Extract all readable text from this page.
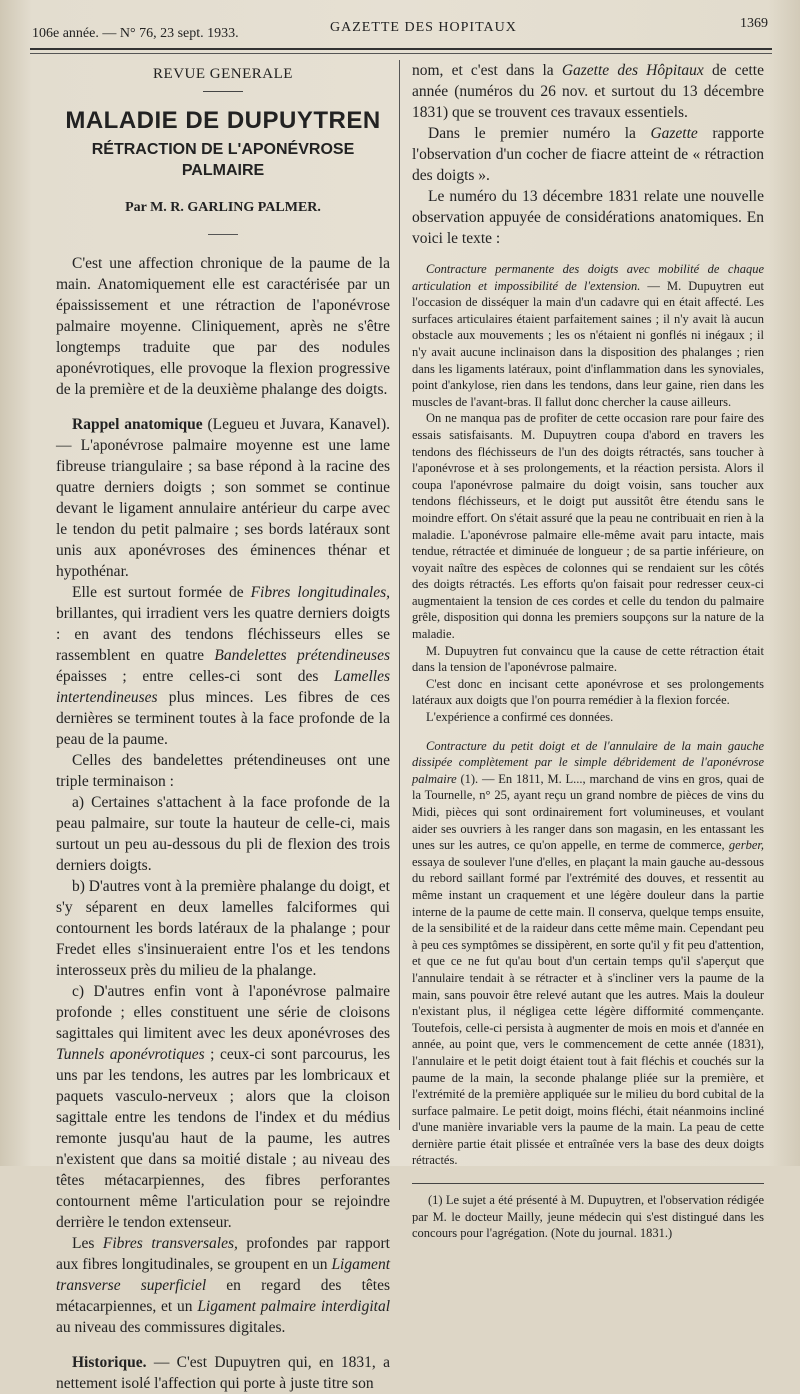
106e année. — N° 76, 23 sept. 1933.	GAZETTE DES HOPITAUX	1369
REVUE GENERALE
MALADIE DE DUPUYTREN
RÉTRACTION DE L'APONÉVROSE PALMAIRE
Par M. R. GARLING PALMER.

C'est une affection chronique de la paume de la main. Anatomiquement elle est caractérisée par un épaississement et une rétraction de l'aponévrose palmaire moyenne. Cliniquement, après ne s'être longtemps traduite que par des nodules aponévrotiques, elle provoque la flexion progressive de la première et de la deuxième phalange des doigts.

Rappel anatomique (Legueu et Juvara, Kanavel). — L'aponévrose palmaire moyenne est une lame fibreuse triangulaire ; sa base répond à la racine des quatre derniers doigts ; son sommet se continue devant le ligament annulaire antérieur du carpe avec le tendon du petit palmaire ; ses bords latéraux sont unis aux aponévroses des éminences thénar et hypothénar.

Elle est surtout formée de Fibres longitudinales, brillantes, qui irradient vers les quatre derniers doigts : en avant des tendons fléchisseurs elles se rassemblent en quatre Bandelettes prétendineuses épaisses ; entre celles-ci sont des Lamelles intertendineuses plus minces. Les fibres de ces dernières se terminent toutes à la face profonde de la peau de la paume.

Celles des bandelettes prétendineuses ont une triple terminaison :

a) Certaines s'attachent à la face profonde de la peau palmaire, sur toute la hauteur de celle-ci, mais surtout un peu au-dessous du pli de flexion des trois derniers doigts.

b) D'autres vont à la première phalange du doigt, et s'y séparent en deux lamelles falciformes qui contournent les bords latéraux de la phalange ; pour Fredet elles s'insinueraient entre l'os et les tendons interosseux près du milieu de la phalange.

c) D'autres enfin vont à l'aponévrose palmaire profonde ; elles constituent une série de cloisons sagittales qui limitent avec les deux aponévroses des Tunnels aponévrotiques ; ceux-ci sont parcourus, les uns par les tendons, les autres par les lombricaux et paquets vasculo-nerveux ; alors que la cloison sagittale entre les tendons de l'index et du médius remonte jusqu'au haut de la paume, les autres n'existent que dans sa moitié distale ; au niveau des têtes métacarpiennes, des fibres perforantes contournent même l'articulation pour se rejoindre derrière le tendon extenseur.

Les Fibres transversales, profondes par rapport aux fibres longitudinales, se groupent en un Ligament transverse superficiel en regard des têtes métacarpiennes, et un Ligament palmaire interdigital au niveau des commissures digitales.

Historique. — C'est Dupuytren qui, en 1831, a nettement isolé l'affection qui porte à juste titre son

nom, et c'est dans la Gazette des Hôpitaux de cette année (numéros du 26 nov. et surtout du 13 décembre 1831) que se trouvent ces travaux essentiels.

Dans le premier numéro la Gazette rapporte l'observation d'un cocher de fiacre atteint de « rétraction des doigts ».

Le numéro du 13 décembre 1831 relate une nouvelle observation appuyée de considérations anatomiques. En voici le texte :

Contracture permanente des doigts avec mobilité de chaque articulation et impossibilité de l'extension. — M. Dupuytren eut l'occasion de disséquer la main d'un cadavre qui en était affecté. Les surfaces articulaires étaient parfaitement saines ; il n'y avait là aucun obstacle aux mouvements ; les os n'étaient ni gonflés ni inégaux ; il n'y avait aucune inclinaison dans la disposition des phalanges ; rien dans les ligaments latéraux, point d'inflammation dans les synoviales, point d'ankylose, rien dans les tendons, dans leur gaine, rien dans les muscles de l'avant-bras. Il fallut donc chercher la cause ailleurs.

On ne manqua pas de profiter de cette occasion rare pour faire des essais satisfaisants. M. Dupuytren coupa d'abord en travers les tendons des fléchisseurs de l'un des doigts rétractés, sans toucher à l'aponévrose et à ses prolongements, et la réaction persista. Alors il coupa l'aponévrose palmaire du doigt voisin, sans toucher aux tendons fléchisseurs, et le doigt put aussitôt être étendu sans le moindre effort. On s'était assuré que la peau ne contribuait en rien à la maladie. L'aponévrose palmaire elle-même avait paru intacte, mais tendue, rétractée et diminuée de longueur ; de sa partie inférieure, on voyait naître des espèces de colonnes qui se rendaient sur les côtés des doigts rétractés. Les efforts qu'on faisait pour redresser ceux-ci augmentaient la tension de ces cordes et celle du tendon du palmaire grêle, disposition qui donna les premiers soupçons sur la nature de la maladie.

M. Dupuytren fut convaincu que la cause de cette rétraction était dans la tension de l'aponévrose palmaire.

C'est donc en incisant cette aponévrose et ses prolongements latéraux aux doigts que l'on pourra remédier à la flexion forcée.

L'expérience a confirmé ces données.

Contracture du petit doigt et de l'annulaire de la main gauche dissipée complètement par le simple débridement de l'aponévrose palmaire (1). — En 1811, M. L..., marchand de vins en gros, quai de la Tournelle, n° 25, ayant reçu un grand nombre de pièces de vins du Midi, pièces qui sont ordinairement fort volumineuses, et voulant aider ses ouvriers à les ranger dans son magasin, en les entassant les unes sur les autres, ce qu'on appelle, en terme de commerce, gerber, essaya de soulever l'une d'elles, en plaçant la main gauche au-dessous du rebord saillant formé par l'extrémité des douves, et ressentit au même instant un craquement et une légère douleur dans la partie interne de la paume de cette main. Il conserva, quelque temps ensuite, de la sensibilité et de la raideur dans cette même main. Cependant peu à peu ces symptômes se dissipèrent, en sorte qu'il y fit peu d'attention, et que ce ne fut qu'au bout d'un certain temps qu'il s'aperçut que l'annulaire tendait à se rétracter et à s'incliner vers la paume de la main, sans pouvoir être relevé autant que les autres. Mais la douleur n'existant plus, il négligea cette légère difformité commençante. Toutefois, celle-ci persista à augmenter de mois en mois et d'année en année, au point que, vers le commencement de cette année (1831), l'annulaire et le petit doigt étaient tout à fait fléchis et couchés sur la paume de la main, la seconde phalange pliée sur la première, et l'extrémité de la première appliquée sur le milieu du bord cubital de la surface palmaire. Le petit doigt, moins fléchi, était néanmoins incliné d'une manière invariable vers la paume de la main. La peau de cette dernière partie était plissée et entraînée vers la base des deux doigts rétractés.

(1) Le sujet a été présenté à M. Dupuytren, et l'observation rédigée par M. le docteur Mailly, jeune médecin qui s'est distingué dans les concours pour l'agrégation. (Note du journal. 1831.)
